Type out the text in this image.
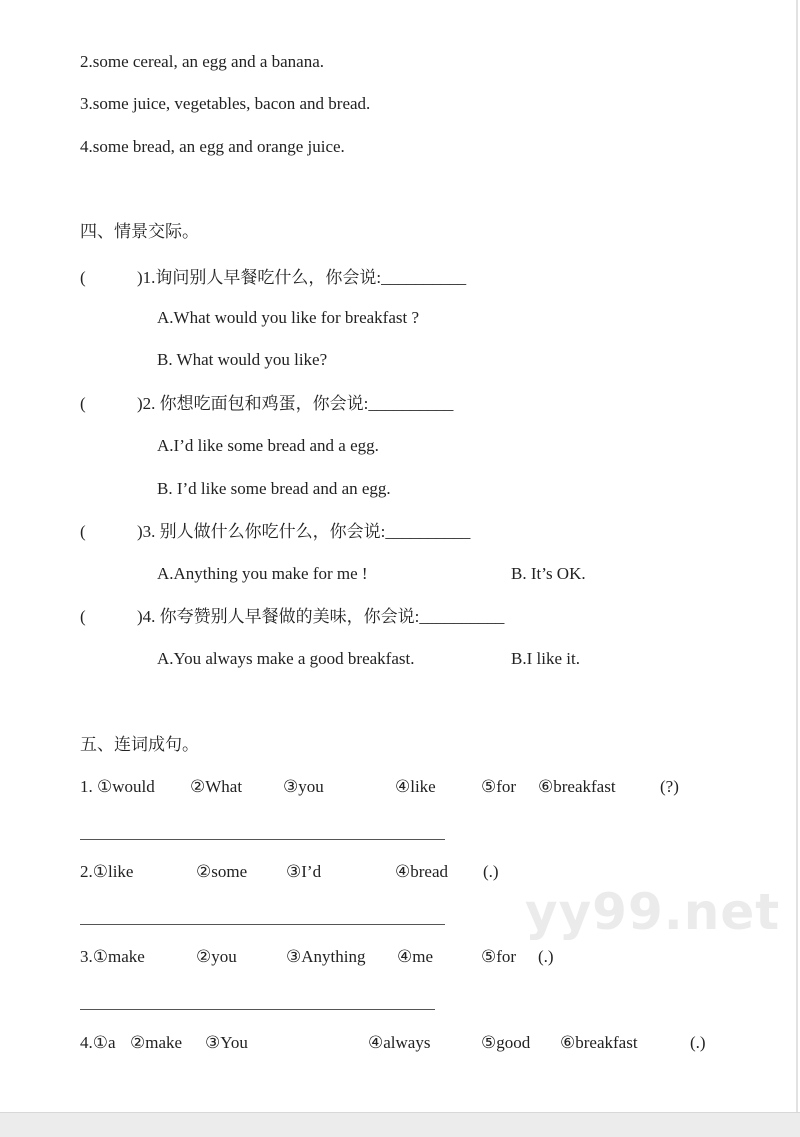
yy99.net
2.some cereal, an egg and a banana.
3.some juice, vegetables, bacon and bread.
4.some bread, an egg and orange juice.
四、情景交际。
(	)1.询问别人早餐吃什么，你会说:__________
A.What would you like for breakfast ?
B. What would you like?
(	)2. 你想吃面包和鸡蛋，你会说:__________
A.I’d like some bread and a egg.
B. I’d like some bread and an egg.
(	)3. 别人做什么你吃什么，你会说:__________
A.Anything you make for me !	B. It’s OK.
(	)4. 你夸赞别人早餐做的美味，你会说:__________
A.You always make a good breakfast.	B.I like it.
五、连词成句。
1. ①would ②What ③you	④like	⑤for ⑥breakfast	(?)
2.①like	②some ③I’d	④bread (.)
3.①make	②you	③Anything ④me	⑤for (.)
4.①a ②make ③You	④always	⑤good ⑥breakfast	(.)
